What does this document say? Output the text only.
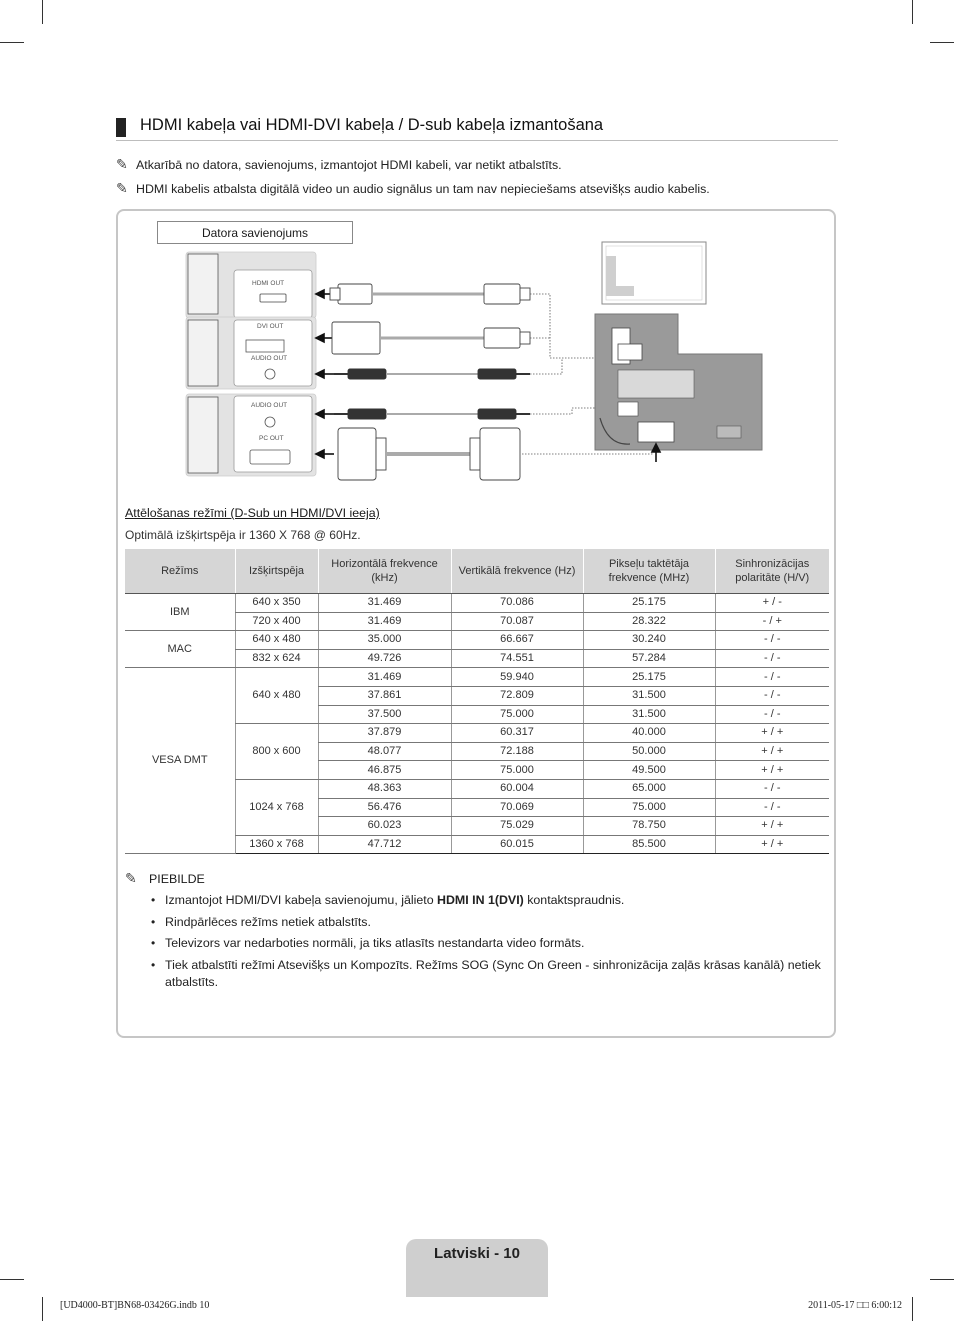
HDMI kabeļa vai HDMI-DVI kabeļa / D-sub kabeļa izmantošana
✎ Atkarībā no datora, savienojums, izmantojot HDMI kabeli, var netikt atbalstīts.
✎ HDMI kabelis atbalsta digitālā video un audio signālus un tam nav nepieciešams atsevišķs audio kabelis.
Datora savienojums
HDMI OUT
DVI OUT
AUDIO OUT
AUDIO OUT
PC OUT
Attēlošanas režīmi (D-Sub un HDMI/DVI ieeja)
Optimālā izšķirtspēja ir 1360 X 768 @ 60Hz.
Režīms	Izšķirtspēja	Horizontālā frekvence (kHz)	Vertikālā frekvence (Hz)	Pikseļu taktētāja frekvence (MHz)	Sinhronizācijas polaritāte (H/V)
IBM	640 x 350	31.469	70.086	25.175	+ / -
	720 x 400	31.469	70.087	28.322	- / +
MAC	640 x 480	35.000	66.667	30.240	- / -
	832 x 624	49.726	74.551	57.284	- / -
VESA DMT	640 x 480	31.469	59.940	25.175	- / -
		37.861	72.809	31.500	- / -
		37.500	75.000	31.500	- / -
	800 x 600	37.879	60.317	40.000	+ / +
		48.077	72.188	50.000	+ / +
		46.875	75.000	49.500	+ / +
	1024 x 768	48.363	60.004	65.000	- / -
		56.476	70.069	75.000	- / -
		60.023	75.029	78.750	+ / +
	1360 x 768	47.712	60.015	85.500	+ / +
✎ PIEBILDE
• Izmantojot HDMI/DVI kabeļa savienojumu, jālieto HDMI IN 1(DVI) kontaktspraudnis.
• Rindpārlēces režīms netiek atbalstīts.
• Televizors var nedarboties normāli, ja tiks atlasīts nestandarta video formāts.
• Tiek atbalstīti režīmi Atsevišķs un Kompozīts. Režīms SOG (Sync On Green - sinhronizācija zaļās krāsas kanālā) netiek atbalstīts.
Latviski - 10
[UD4000-BT]BN68-03426G.indb 10	2011-05-17 □□ 6:00:12
